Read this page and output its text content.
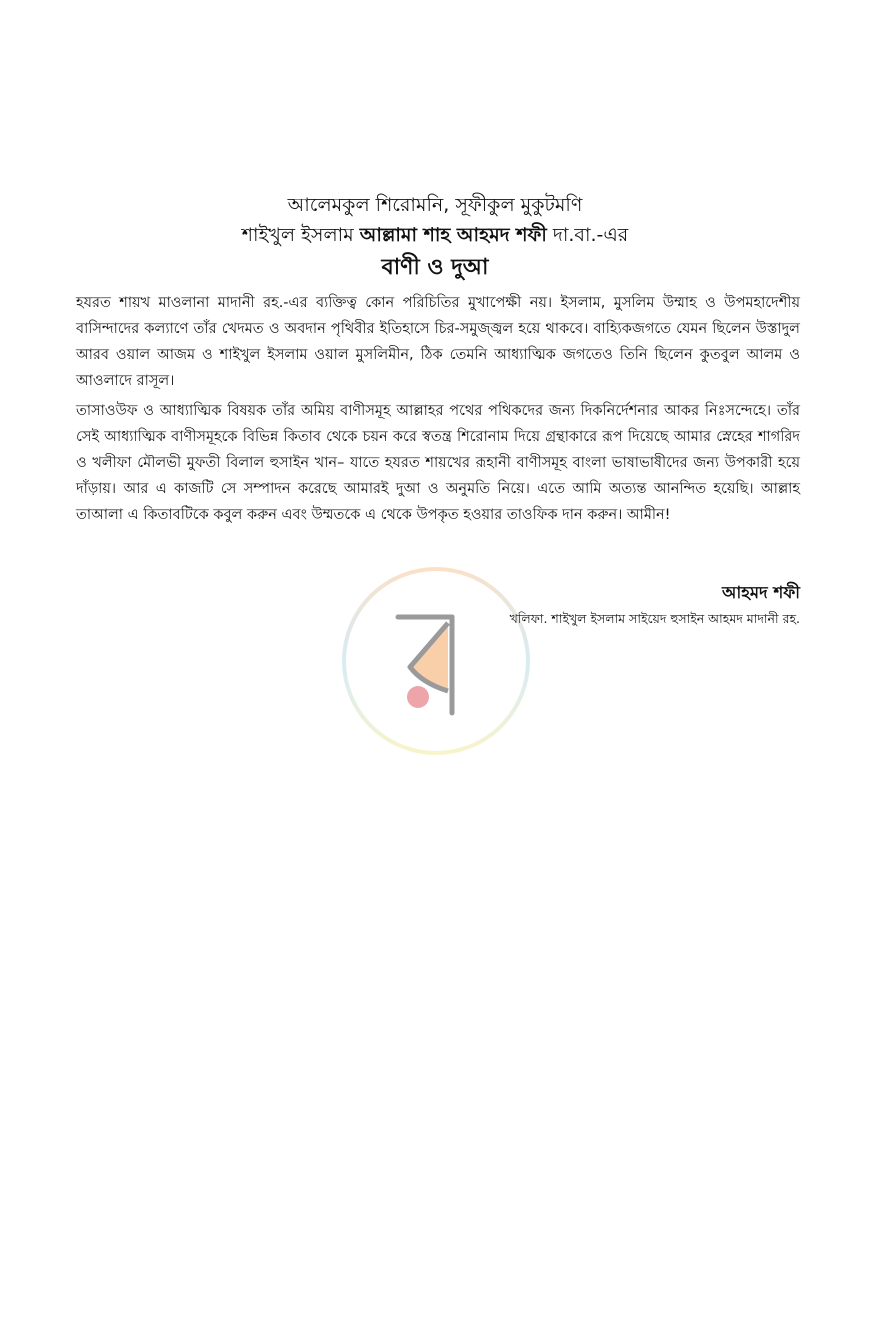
আলেমকুল শিরোমনি, সূফীকুল মুকুটমণি
শাইখুল ইসলাম আল্লামা শাহ আহমদ শফী দা.বা.-এর
বাণী ও দুআ

হযরত শায়খ মাওলানা মাদানী রহ.-এর ব্যক্তিত্ব কোন পরিচিতির মুখাপেক্ষী নয়। ইসলাম, মুসলিম উম্মাহ ও উপমহাদেশীয় বাসিন্দাদের কল্যাণে তাঁর খেদমত ও অবদান পৃথিবীর ইতিহাসে চির-সমুজ্জ্বল হয়ে থাকবে। বাহ্যিকজগতে যেমন ছিলেন উস্তাদুল আরব ওয়াল আজম ও শাইখুল ইসলাম ওয়াল মুসলিমীন, ঠিক তেমনি আধ্যাত্মিক জগতেও তিনি ছিলেন কুতবুল আলম ও আওলাদে রাসূল।

তাসাওউফ ও আধ্যাত্মিক বিষয়ক তাঁর অমিয় বাণীসমূহ আল্লাহর পথের পথিকদের জন্য দিকনির্দেশনার আকর নিঃসন্দেহে। তাঁর সেই আধ্যাত্মিক বাণীসমূহকে বিভিন্ন কিতাব থেকে চয়ন করে স্বতন্ত্র শিরোনাম দিয়ে গ্রন্থাকারে রূপ দিয়েছে আমার স্নেহের শাগরিদ ও খলীফা মৌলভী মুফতী বিলাল হুসাইন খান– যাতে হযরত শায়খের রূহানী বাণীসমূহ বাংলা ভাষাভাষীদের জন্য উপকারী হয়ে দাঁড়ায়। আর এ কাজটি সে সম্পাদন করেছে আমারই দুআ ও অনুমতি নিয়ে। এতে আমি অত্যন্ত আনন্দিত হয়েছি। আল্লাহ তাআলা এ কিতাবটিকে কবুল করুন এবং উম্মতকে এ থেকে উপকৃত হওয়ার তাওফিক দান করুন। আমীন!

আহমদ শফী
খলিফা. শাইখুল ইসলাম সাইয়েদ হুসাইন আহমদ মাদানী রহ.
